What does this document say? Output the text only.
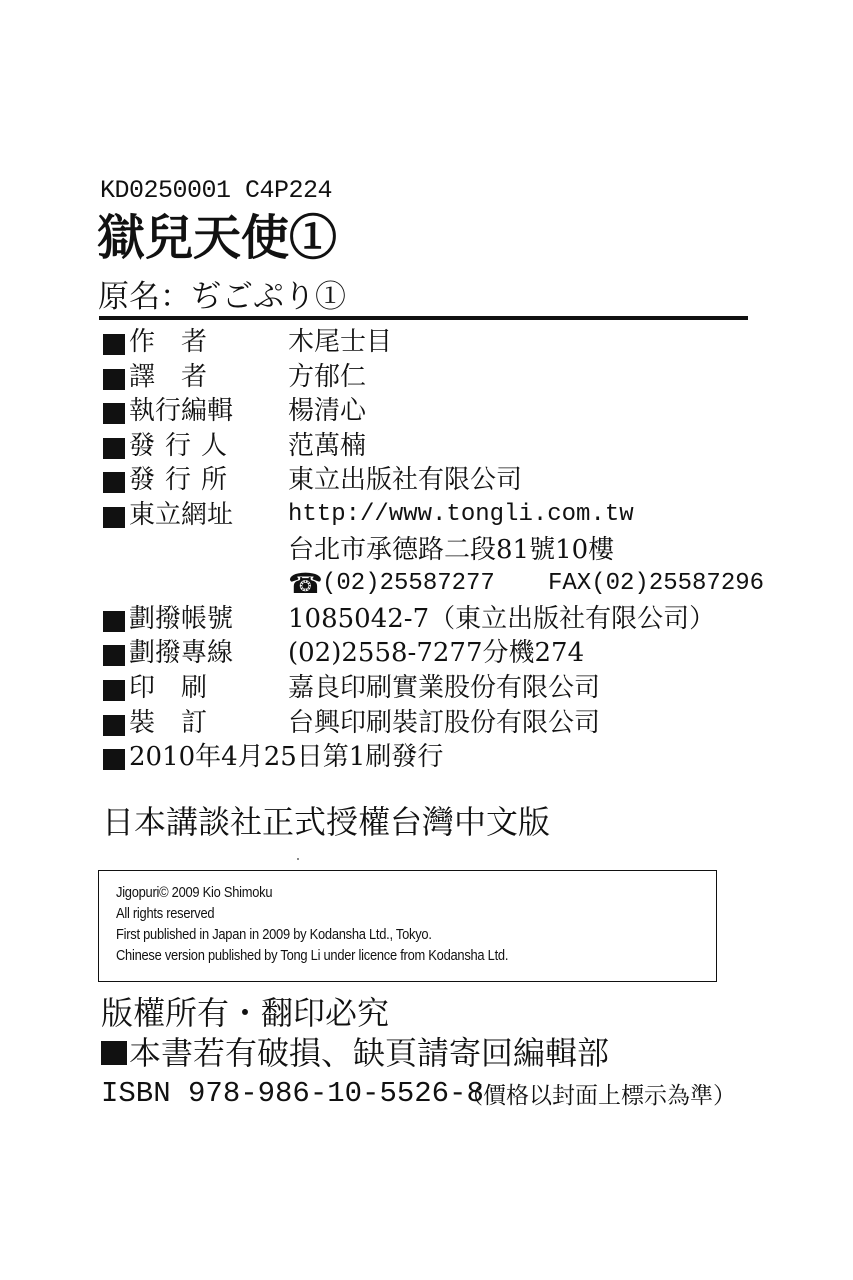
KD0250001 C4P224
獄兒天使①
原名：ぢごぷり①
作　者	木尾士目
譯　者	方郁仁
執行編輯 楊清心
發行人 范萬楠
發行所 東立出版社有限公司
東立網址 http://www.tongli.com.tw
台北市承德路二段81號10樓
☎
(02)25587277 FAX(02)25587296
劃撥帳號 1085042-7（東立出版社有限公司）
劃撥專線 (02)2558-7277分機274
印　刷	嘉良印刷實業股份有限公司
裝　訂	台興印刷裝訂股份有限公司
2010年4月25日第1刷發行
日本講談社正式授權台灣中文版
Jigopuri© 2009 Kio Shimoku
All rights reserved
First published in Japan in 2009 by Kodansha Ltd., Tokyo.
Chinese version published by Tong Li under licence from Kodansha Ltd.
版權所有・翻印必究
本書若有破損、缺頁請寄回編輯部
ISBN 978-986-10-5526-8
（價格以封面上標示為準）
